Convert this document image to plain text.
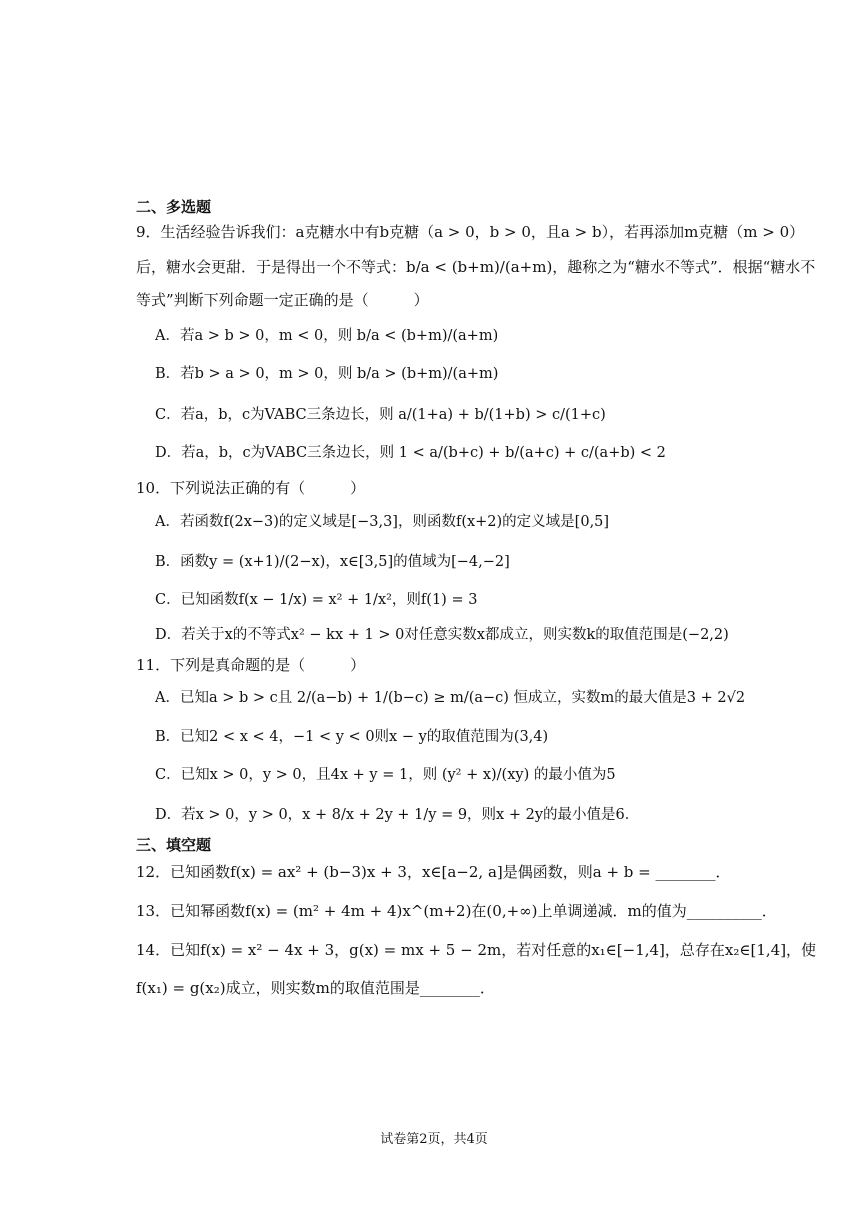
二、多选题
9．生活经验告诉我们：a克糖水中有b克糖（a > 0，b > 0，且a > b），若再添加m克糖（m > 0）
后，糖水会更甜．于是得出一个不等式：b/a < (b+m)/(a+m)，趣称之为“糖水不等式”．根据“糖水不
等式”判断下列命题一定正确的是（　　　）
A．若a > b > 0，m < 0，则 b/a < (b+m)/(a+m)
B．若b > a > 0，m > 0，则 b/a > (b+m)/(a+m)
C．若a，b，c为VABC三条边长，则 a/(1+a) + b/(1+b) > c/(1+c)
D．若a，b，c为VABC三条边长，则 1 < a/(b+c) + b/(a+c) + c/(a+b) < 2
10．下列说法正确的有（　　　）
A．若函数f(2x−3)的定义域是[−3,3]，则函数f(x+2)的定义域是[0,5]
B．函数y = (x+1)/(2−x)，x∈[3,5]的值域为[−4,−2]
C．已知函数f(x − 1/x) = x² + 1/x²，则f(1) = 3
D．若关于x的不等式x² − kx + 1 > 0对任意实数x都成立，则实数k的取值范围是(−2,2)
11．下列是真命题的是（　　　）
A．已知a > b > c且 2/(a−b) + 1/(b−c) ≥ m/(a−c) 恒成立，实数m的最大值是3 + 2√2
B．已知2 < x < 4，−1 < y < 0则x − y的取值范围为(3,4)
C．已知x > 0，y > 0，且4x + y = 1，则 (y² + x)/(xy) 的最小值为5
D．若x > 0，y > 0，x + 8/x + 2y + 1/y = 9，则x + 2y的最小值是6．
三、填空题
12．已知函数f(x) = ax² + (b−3)x + 3，x∈[a−2, a]是偶函数，则a + b = ________．
13．已知幂函数f(x) = (m² + 4m + 4)x^(m+2)在(0,+∞)上单调递减．m的值为__________．
14．已知f(x) = x² − 4x + 3，g(x) = mx + 5 − 2m，若对任意的x₁∈[−1,4]，总存在x₂∈[1,4]，使
f(x₁) = g(x₂)成立，则实数m的取值范围是________．
试卷第2页，共4页
